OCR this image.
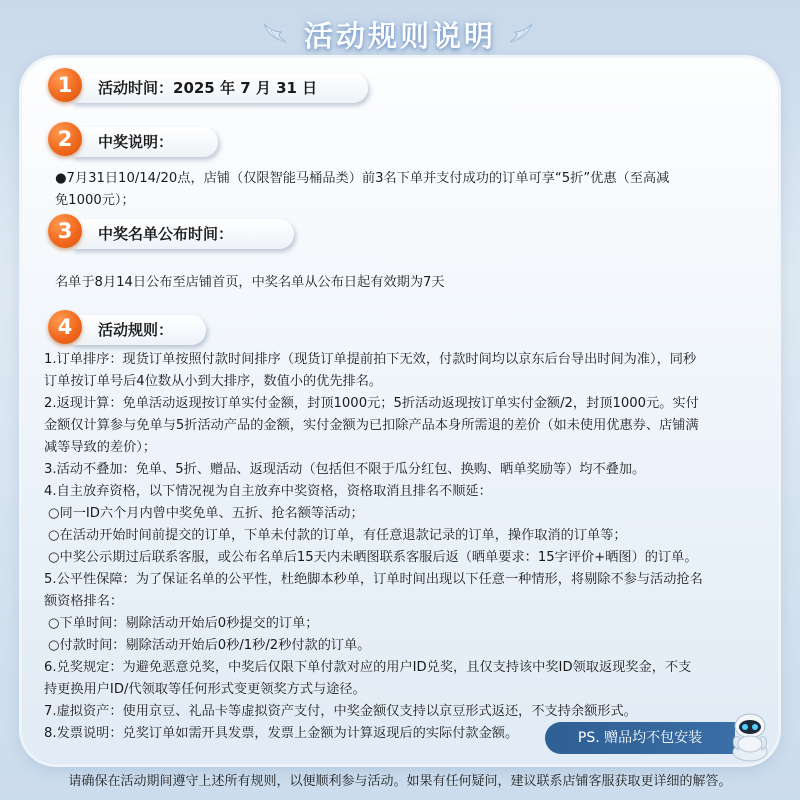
活动规则说明
1	活动时间：2025 年 7 月 31 日
2	中奖说明：
●7月31日10/14/20点，店铺（仅限智能马桶品类）前3名下单并支付成功的订单可享“5折”优惠（至高减
免1000元）；
3	中奖名单公布时间：
名单于8月14日公布至店铺首页，中奖名单从公布日起有效期为7天
4	活动规则：
1.订单排序：现货订单按照付款时间排序（现货订单提前拍下无效，付款时间均以京东后台导出时间为准），同秒
订单按订单号后4位数从小到大排序，数值小的优先排名。
2.返现计算：免单活动返现按订单实付金额，封顶1000元；5折活动返现按订单实付金额/2，封顶1000元。实付
金额仅计算参与免单与5折活动产品的金额，实付金额为已扣除产品本身所需退的差价（如未使用优惠券、店铺满
减等导致的差价）；
3.活动不叠加：免单、5折、赠品、返现活动（包括但不限于瓜分红包、换购、晒单奖励等）均不叠加。
4.自主放弃资格，以下情况视为自主放弃中奖资格，资格取消且排名不顺延：
○同一ID六个月内曾中奖免单、五折、抢名额等活动；
○在活动开始时间前提交的订单，下单未付款的订单，有任意退款记录的订单，操作取消的订单等；
○中奖公示期过后联系客服，或公布名单后15天内未晒图联系客服后返（晒单要求：15字评价+晒图）的订单。
5.公平性保障：为了保证名单的公平性，杜绝脚本秒单，订单时间出现以下任意一种情形，将剔除不参与活动抢名
额资格排名：
○下单时间：剔除活动开始后0秒提交的订单；
○付款时间：剔除活动开始后0秒/1秒/2秒付款的订单。
6.兑奖规定：为避免恶意兑奖，中奖后仅限下单付款对应的用户ID兑奖，且仅支持该中奖ID领取返现奖金，不支
持更换用户ID/代领取等任何形式变更领奖方式与途径。
7.虚拟资产：使用京豆、礼品卡等虚拟资产支付，中奖金额仅支持以京豆形式返还，不支持余额形式。
8.发票说明：兑奖订单如需开具发票，发票上金额为计算返现后的实际付款金额。	PS. 赠品均不包安装
请确保在活动期间遵守上述所有规则，以便顺利参与活动。如果有任何疑问，建议联系店铺客服获取更详细的解答。
